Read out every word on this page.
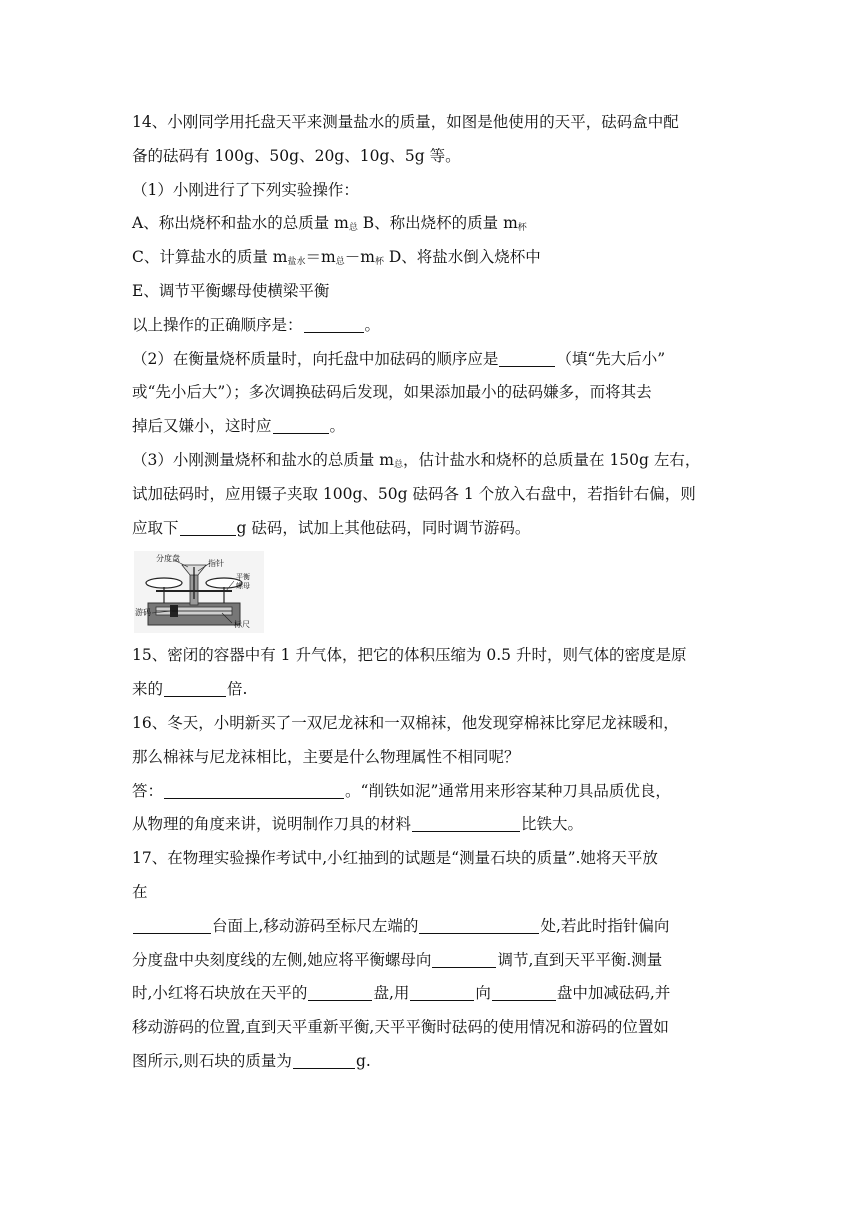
14、小刚同学用托盘天平来测量盐水的质量，如图是他使用的天平，砝码盒中配
备的砝码有 100g、50g、20g、10g、5g 等。
（1）小刚进行了下列实验操作：
A、称出烧杯和盐水的总质量 $m_总$ B、称出烧杯的质量 $m_杯$
C、计算盐水的质量 $m_{盐水}=m_总-m_杯$ D、将盐水倒入烧杯中
E、调节平衡螺母使横梁平衡
以上操作的正确顺序是：	。
（2）在衡量烧杯质量时，向托盘中加砝码的顺序应是	（填“先大后小”
或“先小后大”）；多次调换砝码后发现，如果添加最小的砝码嫌多，而将其去
掉后又嫌小，这时应	。
（3）小刚测量烧杯和盐水的总质量 $m_总$，估计盐水和烧杯的总质量在 150g 左右，
试加砝码时，应用镊子夹取 100g、50g 砝码各 1 个放入右盘中，若指针右偏，则
应取下	g 砝码，试加上其他砝码，同时调节游码。
分度盘
指针
平衡
螺母
游码
标尺
15、密闭的容器中有 1 升气体，把它的体积压缩为 0.5 升时，则气体的密度是原
来的	倍.
16、冬天，小明新买了一双尼龙袜和一双棉袜，他发现穿棉袜比穿尼龙袜暖和，
那么棉袜与尼龙袜相比，主要是什么物理属性不相同呢？
答：	。“削铁如泥”通常用来形容某种刀具品质优良，
从物理的角度来讲，说明制作刀具的材料	比铁大。
17、在物理实验操作考试中,小红抽到的试题是“测量石块的质量”.她将天平放
在
台面上,移动游码至标尺左端的	处,若此时指针偏向
分度盘中央刻度线的左侧,她应将平衡螺母向	调节,直到天平平衡.测量
时,小红将石块放在天平的	盘,用	向	盘中加减砝码,并
移动游码的位置,直到天平重新平衡,天平平衡时砝码的使用情况和游码的位置如
图所示,则石块的质量为	g.
